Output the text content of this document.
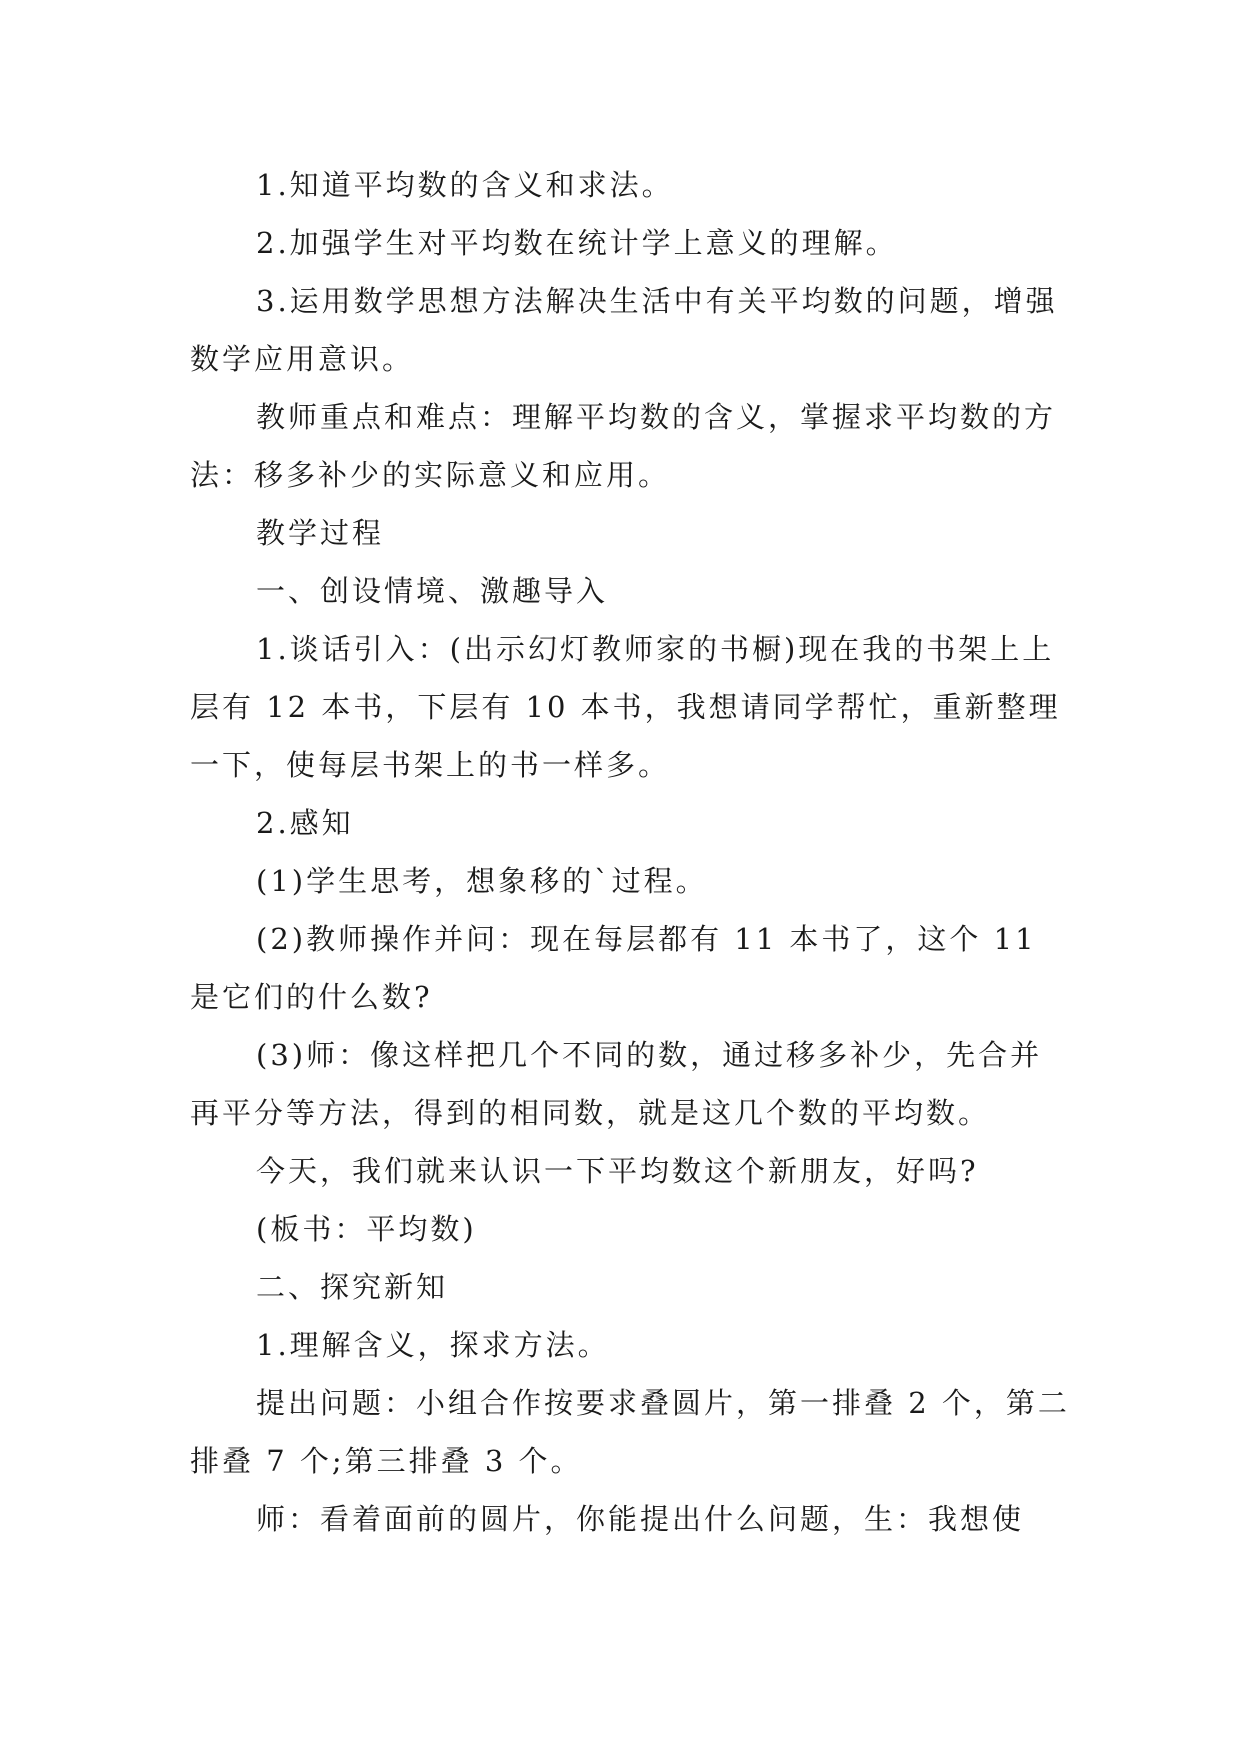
1.知道平均数的含义和求法。

2.加强学生对平均数在统计学上意义的理解。

3.运用数学思想方法解决生活中有关平均数的问题，增强数学应用意识。

教师重点和难点：理解平均数的含义，掌握求平均数的方法：移多补少的实际意义和应用。

教学过程

一、创设情境、激趣导入

1.谈话引入：(出示幻灯教师家的书橱)现在我的书架上上层有 12 本书，下层有 10 本书，我想请同学帮忙，重新整理一下，使每层书架上的书一样多。

2.感知

(1)学生思考，想象移的`过程。

(2)教师操作并问：现在每层都有 11 本书了，这个 11 是它们的什么数?

(3)师：像这样把几个不同的数，通过移多补少，先合并再平分等方法，得到的相同数，就是这几个数的平均数。

今天，我们就来认识一下平均数这个新朋友，好吗?

(板书：平均数)

二、探究新知

1.理解含义，探求方法。

提出问题：小组合作按要求叠圆片，第一排叠 2 个，第二排叠 7 个;第三排叠 3 个。

师：看着面前的圆片，你能提出什么问题，生：我想使
